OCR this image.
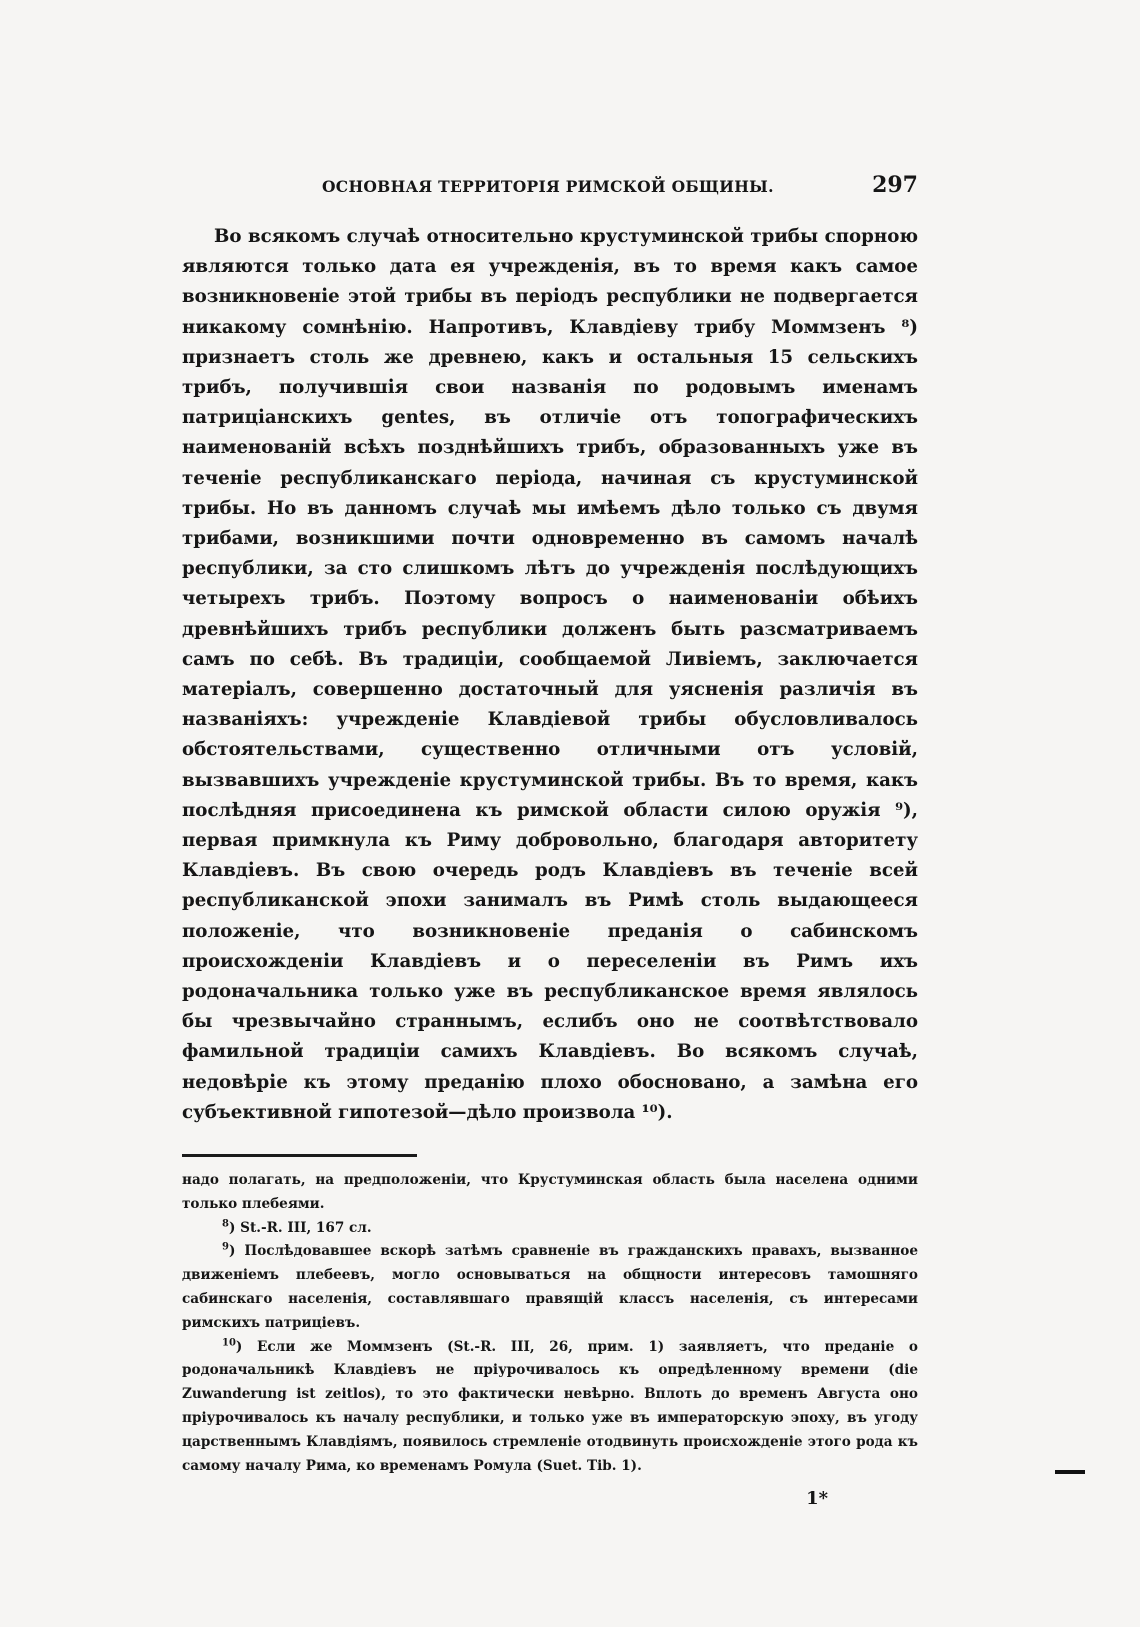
ОСНОВНАЯ ТЕРРИТОРІЯ РИМСКОЙ ОБЩИНЫ.	297

Во всякомъ случаѣ относительно крустуминской трибы спорною являются только дата ея учрежденія, въ то время какъ самое возникновеніе этой трибы въ періодъ республики не подвергается никакому сомнѣнію. Напротивъ, Клавдіеву трибу Моммзенъ ⁸) признаетъ столь же древнею, какъ и остальныя 15 сельскихъ трибъ, получившія свои названія по родовымъ именамъ патриціанскихъ gentes, въ отличіе отъ топографическихъ наименованій всѣхъ позднѣйшихъ трибъ, образованныхъ уже въ теченіе республиканскаго періода, начиная съ крустуминской трибы. Но въ данномъ случаѣ мы имѣемъ дѣло только съ двумя трибами, возникшими почти одновременно въ самомъ началѣ республики, за сто слишкомъ лѣтъ до учрежденія послѣдующихъ четырехъ трибъ. Поэтому вопросъ о наименованіи обѣихъ древнѣйшихъ трибъ республики долженъ быть разсматриваемъ самъ по себѣ. Въ традиціи, сообщаемой Ливіемъ, заключается матеріалъ, совершенно достаточный для уясненія различія въ названіяхъ: учрежденіе Клавдіевой трибы обусловливалось обстоятельствами, существенно отличными отъ условій, вызвавшихъ учрежденіе крустуминской трибы. Въ то время, какъ послѣдняя присоединена къ римской области силою оружія ⁹), первая примкнула къ Риму добровольно, благодаря авторитету Клавдіевъ. Въ свою очередь родъ Клавдіевъ въ теченіе всей республиканской эпохи занималъ въ Римѣ столь выдающееся положеніе, что возникновеніе преданія о сабинскомъ происхожденіи Клавдіевъ и о переселеніи въ Римъ ихъ родоначальника только уже въ республиканское время являлось бы чрезвычайно страннымъ, еслибъ оно не соотвѣтствовало фамильной традиціи самихъ Клавдіевъ. Во всякомъ случаѣ, недовѣріе къ этому преданію плохо обосновано, а замѣна его субъективной гипотезой—дѣло произвола ¹⁰).

надо полагать, на предположеніи, что Крустуминская область была населена одними только плебеями.

$^8$) St.-R. III, 167 сл.

$^9$) Послѣдовавшее вскорѣ затѣмъ сравненіе въ гражданскихъ правахъ, вызванное движеніемъ плебеевъ, могло основываться на общности интересовъ тамошняго сабинскаго населенія, составлявшаго правящій классъ населенія, съ интересами римскихъ патриціевъ.

$^{10}$) Если же Моммзенъ (St.-R. III, 26, прим. 1) заявляетъ, что преданіе о родоначальникѣ Клавдіевъ не пріурочивалось къ опредѣленному времени (die Zuwanderung ist zeitlos), то это фактически невѣрно. Вплоть до временъ Августа оно пріурочивалось къ началу республики, и только уже въ императорскую эпоху, въ угоду царственнымъ Клавдіямъ, появилось стремленіе отодвинуть происхожденіе этого рода къ самому началу Рима, ко временамъ Ромула (Suet. Tib. 1).

1*
